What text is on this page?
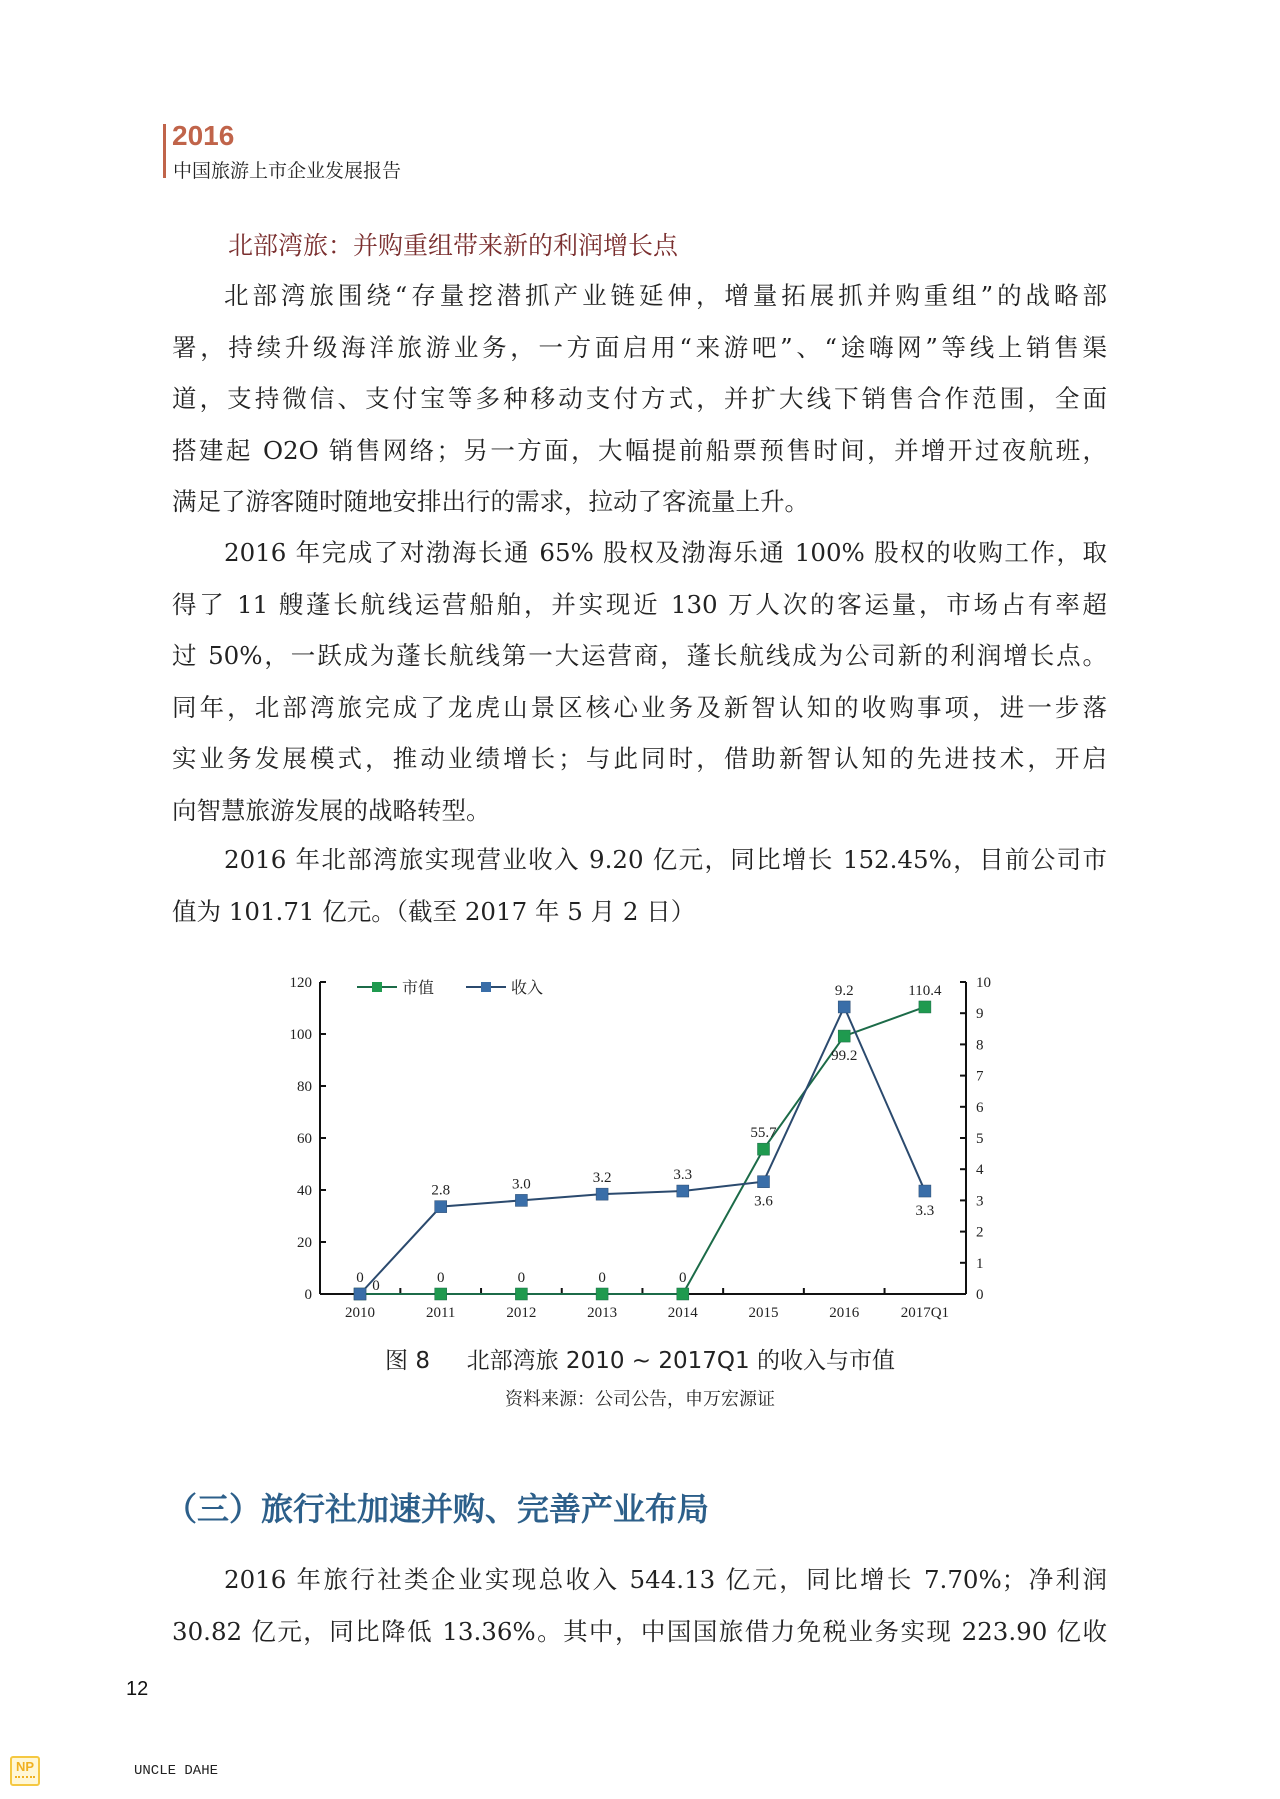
2016
中国旅游上市企业发展报告
北部湾旅：并购重组带来新的利润增长点
北部湾旅围绕“存量挖潜抓产业链延伸，增量拓展抓并购重组”的战略部
署，持续升级海洋旅游业务，一方面启用“来游吧”、“途嗨网”等线上销售渠
道，支持微信、支付宝等多种移动支付方式，并扩大线下销售合作范围，全面
搭建起 O2O 销售网络；另一方面，大幅提前船票预售时间，并增开过夜航班，
满足了游客随时随地安排出行的需求，拉动了客流量上升。
2016 年完成了对渤海长通 65% 股权及渤海乐通 100% 股权的收购工作，取
得了 11 艘蓬长航线运营船舶，并实现近 130 万人次的客运量，市场占有率超
过 50%，一跃成为蓬长航线第一大运营商，蓬长航线成为公司新的利润增长点。
同年，北部湾旅完成了龙虎山景区核心业务及新智认知的收购事项，进一步落
实业务发展模式，推动业绩增长；与此同时，借助新智认知的先进技术，开启
向智慧旅游发展的战略转型。
2016 年北部湾旅实现营业收入 9.20 亿元，同比增长 152.45%，目前公司市
值为 101.71 亿元。（截至 2017 年 5 月 2 日）
0
20
40
60
80
100
120
0
1
2
3
4
5
6
7
8
9
10
2010	2011	2012	2013	2014	2015	2016	2017Q1
0	0	0	0	0
55.7
99.2
110.4
0
2.8	3.0	3.2	3.3
3.6
9.2
3.3
市值	收入
图 8 北部湾旅 2010 ~ 2017Q1 的收入与市值
资料来源：公司公告，申万宏源证
（三）旅行社加速并购、完善产业布局
2016 年旅行社类企业实现总收入 544.13 亿元，同比增长 7.70%；净利润
30.82 亿元，同比降低 13.36%。其中，中国国旅借力免税业务实现 223.90 亿收
12
NP	UNCLE DAHE
